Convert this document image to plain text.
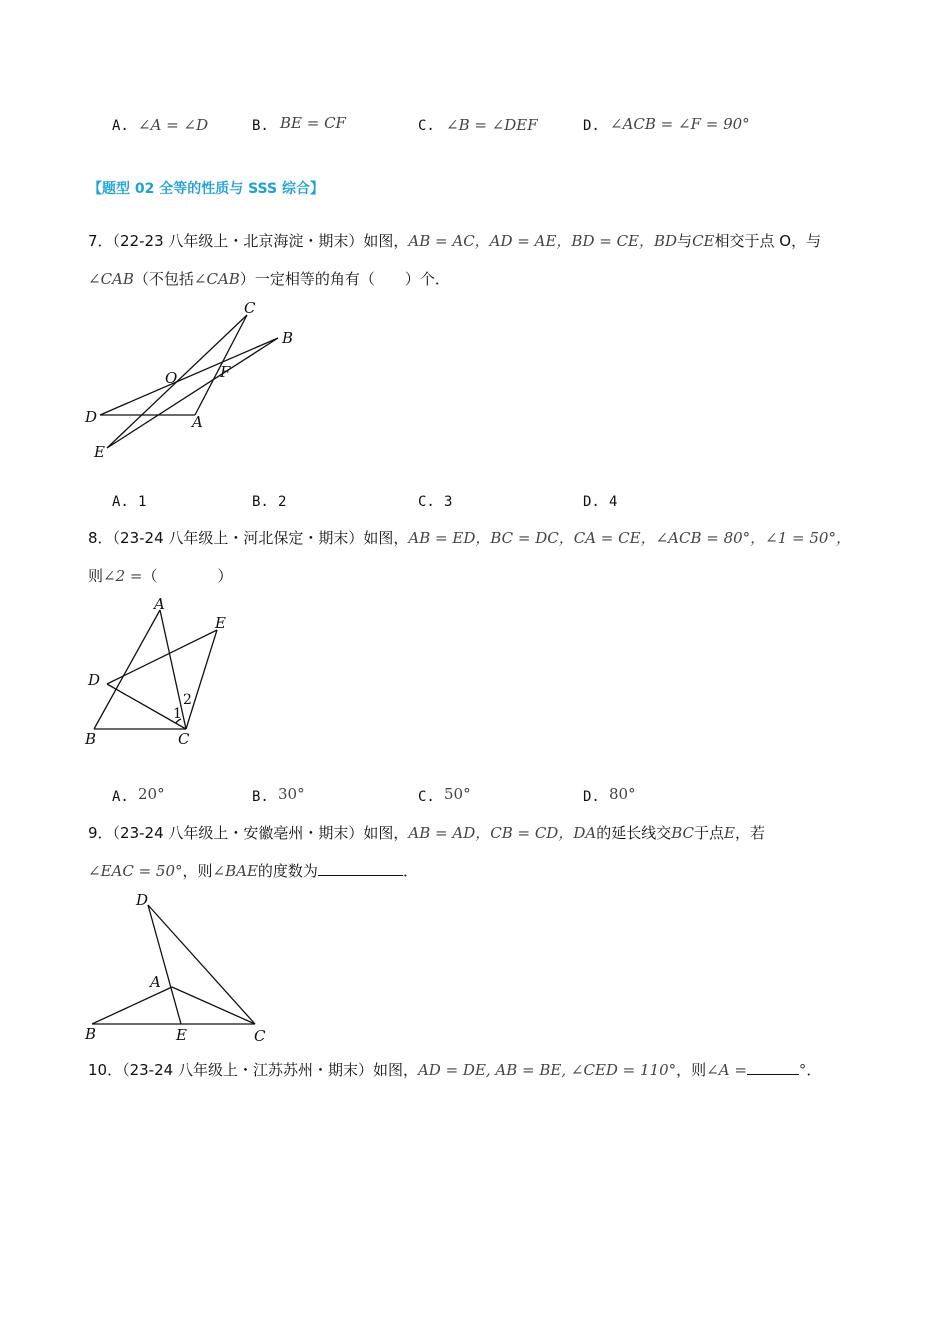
A. ∠A = ∠D	B. BE = CF	C. ∠B = ∠DEF	D. ∠ACB = ∠F = 90°
【题型 02 全等的性质与 SSS 综合】
7．（22-23 八年级上・北京海淀・期末）如图，AB = AC，AD = AE，BD = CE，BD与CE相交于点 O，与
∠CAB（不包括∠CAB）一定相等的角有（　　）个．
C
B
O	F
D	A
E
A. 1	B. 2	C. 3	D. 4
8．（23-24 八年级上・河北保定・期末）如图，AB = ED，BC = DC，CA = CE，∠ACB = 80°，∠1 = 50°，
则∠2 =（　　　　）
A
E
D
B	C
1
2
A. 20°	B. 30°	C. 50°	D. 80°
9．（23-24 八年级上・安徽亳州・期末）如图，AB = AD，CB = CD，DA的延长线交BC于点E，若
∠EAC = 50°，则∠BAE的度数为	．
D
A
B	E	C
10．（23-24 八年级上・江苏苏州・期末）如图，AD = DE, AB = BE, ∠CED = 110°，则∠A =	°．
